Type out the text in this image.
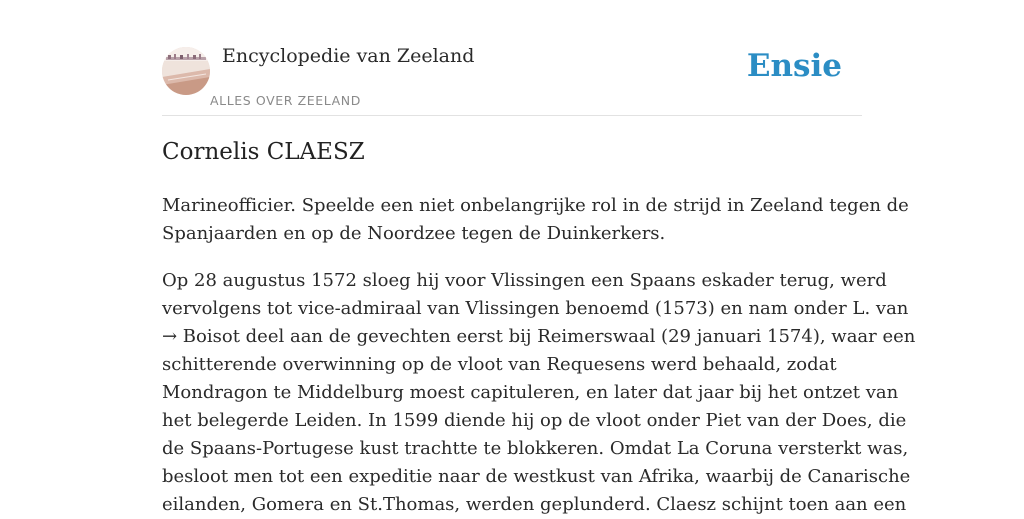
Encyclopedie van Zeeland
ALLES OVER ZEELAND
Ensie
Cornelis CLAESZ

Marineofficier. Speelde een niet onbelangrijke rol in de strijd in Zeeland tegen de
Spanjaarden en op de Noordzee tegen de Duinkerkers.

Op 28 augustus 1572 sloeg hij voor Vlissingen een Spaans eskader terug, werd
vervolgens tot vice-admiraal van Vlissingen benoemd (1573) en nam onder L. van
→ Boisot deel aan de gevechten eerst bij Reimerswaal (29 januari 1574), waar een
schitterende overwinning op de vloot van Requesens werd behaald, zodat
Mondragon te Middelburg moest capituleren, en later dat jaar bij het ontzet van
het belegerde Leiden. In 1599 diende hij op de vloot onder Piet van der Does, die
de Spaans-Portugese kust trachtte te blokkeren. Omdat La Coruna versterkt was,
besloot men tot een expeditie naar de westkust van Afrika, waarbij de Canarische
eilanden, Gomera en St.Thomas, werden geplunderd. Claesz schijnt toen aan een
